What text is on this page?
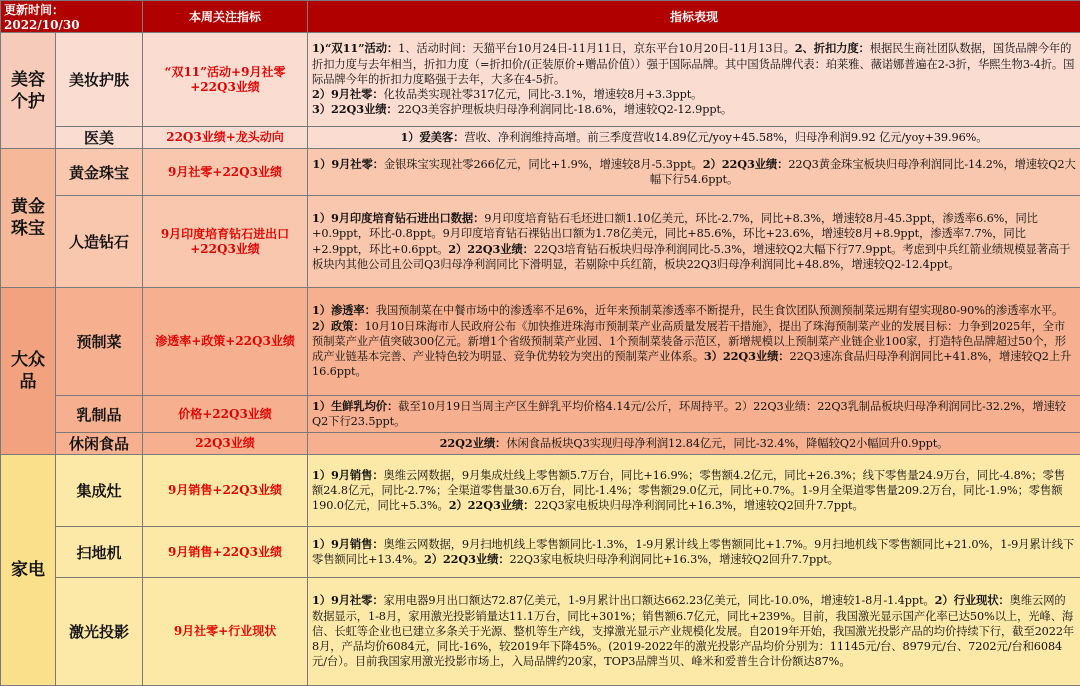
更新时间：2022/10/30		本周关注指标	指标表现
美容个护	美妆护肤	“双11”活动+9月社零+22Q3业绩	1)“双11”活动：1、活动时间：天猫平台10月24日-11月11日，京东平台10月20日-11月13日。2、折扣力度：根据民生商社团队数据，国货品牌今年的折扣力度与去年相当，折扣力度（=折扣价/(正装原价+赠品价值））强于国际品牌。其中国货品牌代表：珀莱雅、薇诺娜普遍在2-3折，华熙生物3-4折。国际品牌今年的折扣力度略强于去年，大多在4-5折。
2）9月社零：化妆品类实现社零317亿元，同比-3.1%，增速较8月+3.3ppt。
3）22Q3业绩：22Q3美容护理板块归母净利润同比-18.6%，增速较Q2-12.9ppt。
	医美	22Q3业绩+龙头动向	1）爱美客：营收、净利润维持高增。前三季度营收14.89亿元/yoy+45.58%，归母净利润9.92 亿元/yoy+39.96%。
黄金珠宝	黄金珠宝	9月社零+22Q3业绩	1）9月社零：金银珠宝实现社零266亿元，同比+1.9%，增速较8月-5.3ppt。2）22Q3业绩：22Q3黄金珠宝板块归母净利润同比-14.2%，增速较Q2大幅下行54.6ppt。
	人造钻石	9月印度培育钻石进出口+22Q3业绩	1）9月印度培育钻石进出口数据：9月印度培育钻石毛坯进口额1.10亿美元，环比-2.7%，同比+8.3%，增速较8月-45.3ppt，渗透率6.6%，同比+0.9ppt，环比-0.8ppt。9月印度培育钻石裸钻出口额为1.78亿美元，同比+85.6%，环比+23.6%，增速较8月+8.9ppt，渗透率7.7%，同比+2.9ppt，环比+0.6ppt。2）22Q3业绩：22Q3培育钻石板块归母净利润同比-5.3%，增速较Q2大幅下行77.9ppt。考虑到中兵红箭业绩规模显著高于板块内其他公司且公司Q3归母净利润同比下滑明显，若剔除中兵红箭，板块22Q3归母净利润同比+48.8%，增速较Q2-12.4ppt。
大众品	预制菜	渗透率+政策+22Q3业绩	1）渗透率：我国预制菜在中餐市场中的渗透率不足6%，近年来预制菜渗透率不断提升，民生食饮团队预测预制菜远期有望实现80-90%的渗透率水平。2）政策：10月10日珠海市人民政府公布《加快推进珠海市预制菜产业高质量发展若干措施》，提出了珠海预制菜产业的发展目标：力争到2025年，全市预制菜产业产值突破300亿元。新增1个省级预制菜产业园、1个预制菜装备示范区，新增规模以上预制菜产业链企业100家，打造特色品牌超过50个，形成产业链基本完善、产业特色较为明显、竞争优势较为突出的预制菜产业体系。3）22Q3业绩：22Q3速冻食品归母净利润同比+41.8%，增速较Q2上升16.6ppt。
	乳制品	价格+22Q3业绩	1）生鲜乳均价：截至10月19日当周主产区生鲜乳平均价格4.14元/公斤，环周持平。2）22Q3业绩：22Q3乳制品板块归母净利润同比-32.2%，增速较Q2下行23.5ppt。
	休闲食品	22Q3业绩	22Q2业绩：休闲食品板块Q3实现归母净利润12.84亿元，同比-32.4%，降幅较Q2小幅回升0.9ppt。
家电	集成灶	9月销售+22Q3业绩	1）9月销售：奥维云网数据，9月集成灶线上零售额5.7万台，同比+16.9%；零售额4.2亿元，同比+26.3%；线下零售量24.9万台，同比-4.8%；零售额24.8亿元，同比-2.7%；全渠道零售量30.6万台，同比-1.4%；零售额29.0亿元，同比+0.7%。1-9月全渠道零售量209.2万台，同比-1.9%；零售额190.0亿元，同比+5.3%。2）22Q3业绩：22Q3家电板块归母净利润同比+16.3%，增速较Q2回升7.7ppt。
	扫地机	9月销售+22Q3业绩	1）9月销售：奥维云网数据，9月扫地机线上零售额同比-1.3%，1-9月累计线上零售额同比+1.7%。9月扫地机线下零售额同比+21.0%，1-9月累计线下零售额同比+13.4%。2）22Q3业绩：22Q3家电板块归母净利润同比+16.3%，增速较Q2回升7.7ppt。
	激光投影	9月社零+行业现状	1）9月社零：家用电器9月出口额达72.87亿美元，1-9月累计出口额达662.23亿美元，同比-10.0%，增速较1-8月-1.4ppt。2）行业现状：奥维云网的数据显示，1-8月，家用激光投影销量达11.1万台，同比+301%；销售额6.7亿元，同比+239%。目前，我国激光显示国产化率已达50%以上，光峰、海信、长虹等企业也已建立多条关于光源、整机等生产线，支撑激光显示产业规模化发展。自2019年开始，我国激光投影产品的均价持续下行，截至2022年8月，产品均价6084元，同比-16%，较2019年下降45%。(2019-2022年的激光投影产品均价分别为：11145元/台、8979元/台、7202元/台和6084元/台）。目前我国家用激光投影市场上，入局品牌约20家，TOP3品牌当贝、峰米和爱普生合计份额达87%。
